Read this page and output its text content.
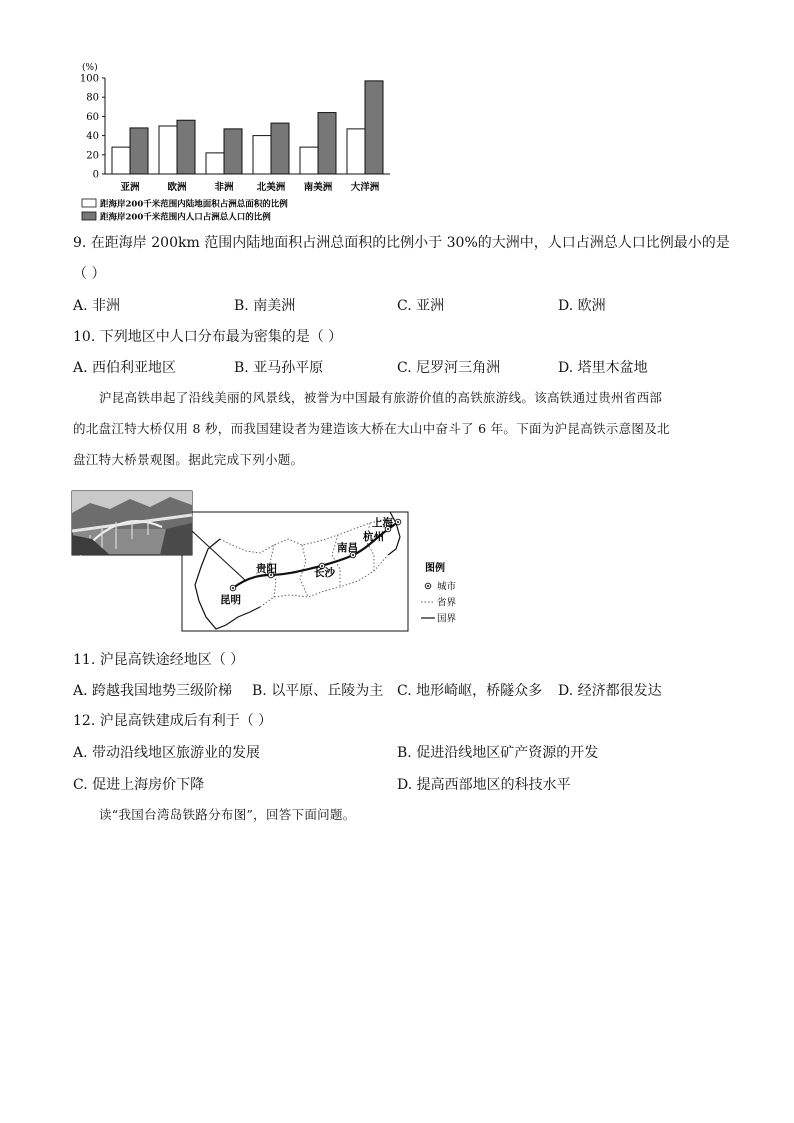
(%)
0
20
40
60
80
100
亚洲	欧洲	非洲 北美洲 南美洲 大洋洲
距海岸200千米范围内陆地面积占洲总面积的比例
距海岸200千米范围内人口占洲总人口的比例
9. 在距海岸 200km 范围内陆地面积占洲总面积的比例小于 30%的大洲中，人口占洲总人口比例最小的是
（ ）
A. 非洲	B. 南美洲	C. 亚洲	D. 欧洲
10. 下列地区中人口分布最为密集的是（ ）
A. 西伯利亚地区	B. 亚马孙平原	C. 尼罗河三角洲	D. 塔里木盆地
沪昆高铁串起了沿线美丽的风景线，被誉为中国最有旅游价值的高铁旅游线。该高铁通过贵州省西部
的北盘江特大桥仅用 8 秒，而我国建设者为建造该大桥在大山中奋斗了 6 年。下面为沪昆高铁示意图及北
盘江特大桥景观图。据此完成下列小题。
上海
杭州
南昌
长沙
贵阳
昆明
图例
城市
省界
国界
11. 沪昆高铁途经地区（ ）
A. 跨越我国地势三级阶梯 B. 以平原、丘陵为主 C. 地形崎岖，桥隧众多 D. 经济都很发达
12. 沪昆高铁建成后有利于（ ）
A. 带动沿线地区旅游业的发展	B. 促进沿线地区矿产资源的开发
C. 促进上海房价下降	D. 提高西部地区的科技水平
读“我国台湾岛铁路分布图”，回答下面问题。
